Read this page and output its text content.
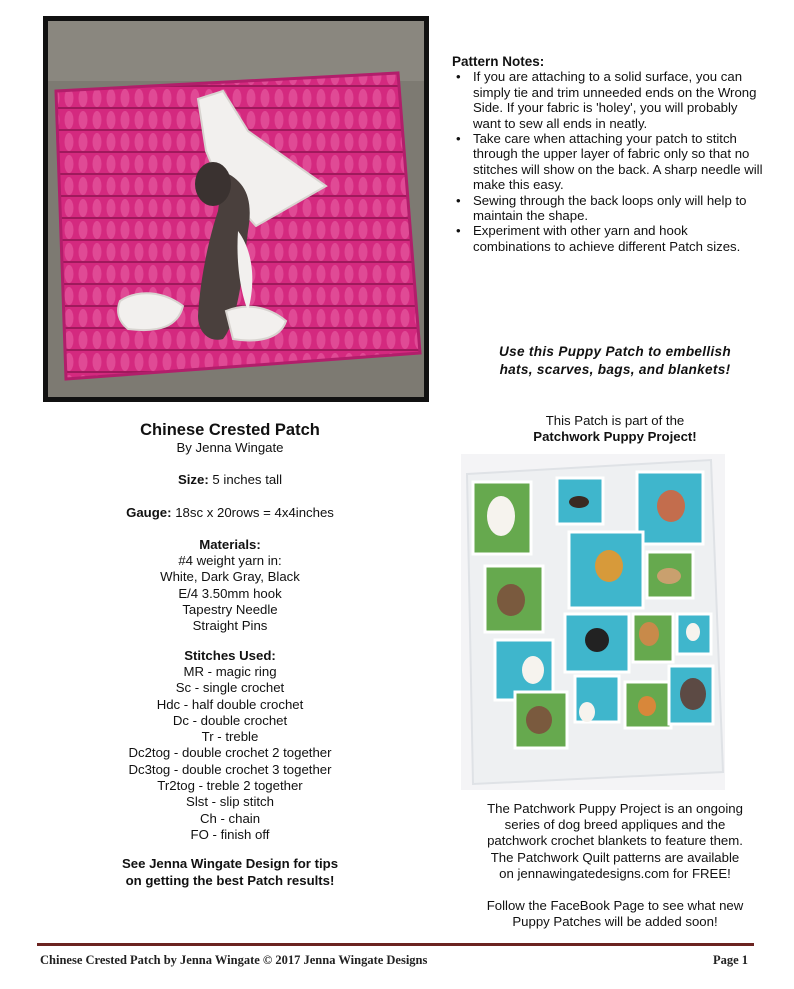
Pattern Notes:
• If you are attaching to a solid surface, you can simply tie and trim unneeded ends on the Wrong Side. If your fabric is 'holey', you will probably want to sew all ends in neatly.
• Take care when attaching your patch to stitch through the upper layer of fabric only so that no stitches will show on the back. A sharp needle will make this easy.
• Sewing through the back loops only will help to maintain the shape.
• Experiment with other yarn and hook combinations to achieve different Patch sizes.
Use this Puppy Patch to embellish
hats, scarves, bags, and blankets!

Chinese Crested Patch

By Jenna Wingate

Size: 5 inches tall

Gauge: 18sc x 20rows = 4x4inches

Materials:

#4 weight yarn in:

White, Dark Gray, Black

E/4 3.50mm hook

Tapestry Needle

Straight Pins

Stitches Used:

MR - magic ring

Sc - single crochet

Hdc - half double crochet

Dc - double crochet

Tr - treble

Dc2tog - double crochet 2 together

Dc3tog - double crochet 3 together

Tr2tog - treble 2 together

Slst - slip stitch

Ch - chain

FO - finish off

See Jenna Wingate Design for tips

on getting the best Patch results!

This Patch is part of the
Patchwork Puppy Project!

The Patchwork Puppy Project is an ongoing

series of dog breed appliques and the

patchwork crochet blankets to feature them.

The Patchwork Quilt patterns are available

on jennawingatedesigns.com for FREE!

Follow the FaceBook Page to see what new

Puppy Patches will be added soon!

Chinese Crested Patch by Jenna Wingate © 2017 Jenna Wingate Designs	Page 1
